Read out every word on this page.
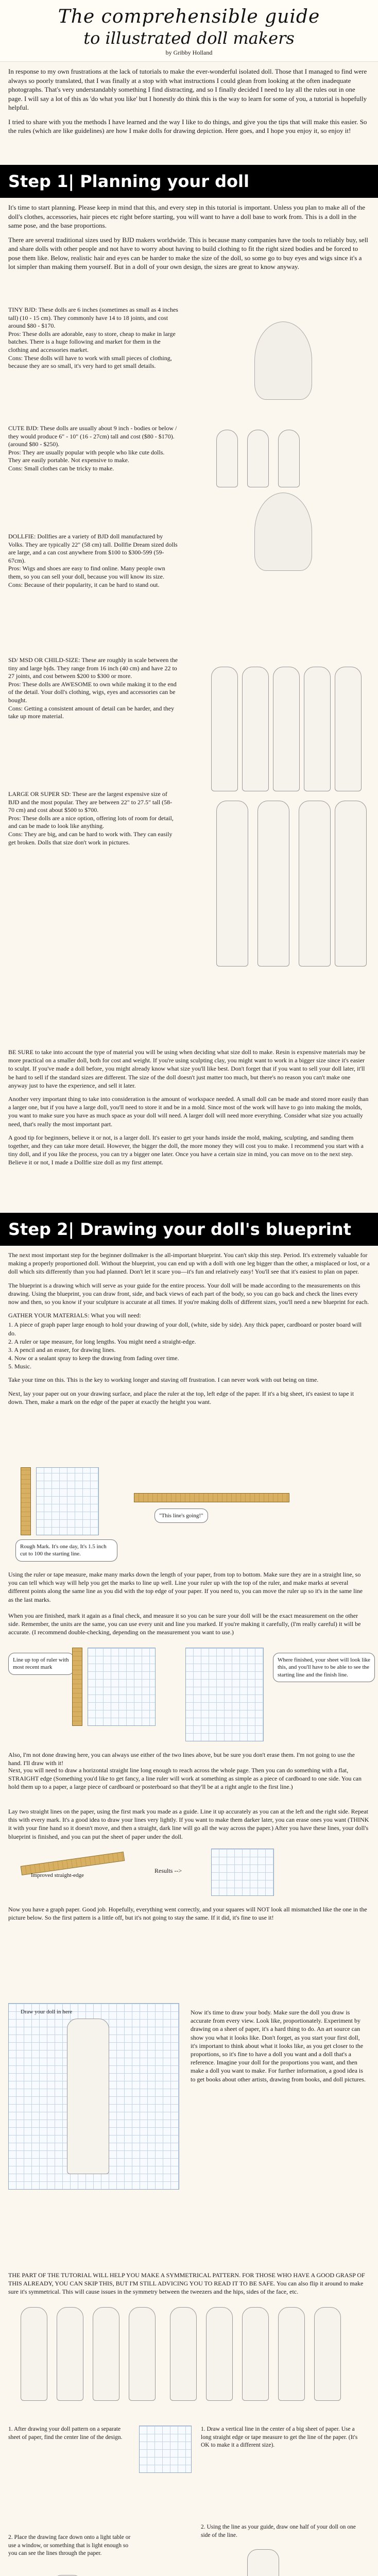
The comprehensible guide
to illustrated doll makers
by Gribby Holland

In response to my own frustrations at the lack of tutorials to make the ever-wonderful isolated doll. Those that I managed to find were always so poorly translated, that I was finally at a stop with what instructions I could glean from looking at the often inadequate photographs. That's very understandably something I find distracting, and so I finally decided I need to lay all the rules out in one page. I will say a lot of this as 'do what you like' but I honestly do think this is the way to learn for some of you, a tutorial is hopefully helpful.

I tried to share with you the methods I have learned and the way I like to do things, and give you the tips that will make this easier. So the rules (which are like guidelines) are how I make dolls for drawing depiction. Here goes, and I hope you enjoy it, so enjoy it!

Step 1| Planning your doll

It's time to start planning. Please keep in mind that this, and every step in this tutorial is important. Unless you plan to make all of the doll's clothes, accessories, hair pieces etc right before starting, you will want to have a doll base to work from. This is a doll in the same pose, and the base proportions.

There are several traditional sizes used by BJD makers worldwide. This is because many companies have the tools to reliably buy, sell and share dolls with other people and not have to worry about having to build clothing to fit the right sized bodies and be forced to pose them like. Below, realistic hair and eyes can be harder to make the size of the doll, so some go to buy eyes and wigs since it's a lot simpler than making them yourself. But in a doll of your own design, the sizes are great to know anyway.

TINY BJD: These dolls are 6 inches (sometimes as small as 4 inches tall) (10 - 15 cm). They commonly have 14 to 18 joints, and cost around $80 - $170.
Pros: These dolls are adorable, easy to store, cheap to make in large batches. There is a huge following and market for them in the clothing and accessories market.
Cons: These dolls will have to work with small pieces of clothing, because they are so small, it's very hard to get small details.
CUTE BJD: These dolls are usually about 9 inch - bodies or below / they would produce 6" - 10" (16 - 27cm) tall and cost ($80 - $170). (around $80 - $250).
Pros: They are usually popular with people who like cute dolls. They are easily portable. Not expensive to make.
Cons: Small clothes can be tricky to make.
DOLLFIE: Dollfies are a variety of BJD doll manufactured by Volks. They are typically 22" (58 cm) tall. Dollfie Dream sized dolls are large, and a can cost anywhere from $100 to $300-599 (59-67cm).
Pros: Wigs and shoes are easy to find online. Many people own them, so you can sell your doll, because you will know its size.
Cons: Because of their popularity, it can be hard to stand out.
SD/ MSD OR CHILD-SIZE: These are roughly in scale between the tiny and large bjds. They range from 16 inch (40 cm) and have 22 to 27 joints, and cost between $200 to $300 or more.
Pros: These dolls are AWESOME to own while making it to the end of the detail. Your doll's clothing, wigs, eyes and accessories can be bought.
Cons: Getting a consistent amount of detail can be harder, and they take up more material.
LARGE OR SUPER SD: These are the largest expensive size of BJD and the most popular. They are between 22" to 27.5" tall (58-70 cm) and cost about $500 to $700.
Pros: These dolls are a nice option, offering lots of room for detail, and can be made to look like anything.
Cons: They are big, and can be hard to work with. They can easily get broken. Dolls that size don't work in pictures.

BE SURE to take into account the type of material you will be using when deciding what size doll to make. Resin is expensive materials may be more practical on a smaller doll, both for cost and weight. If you're using sculpting clay, you might want to work in a bigger size since it's easier to sculpt. If you've made a doll before, you might already know what size you'll like best. Don't forget that if you want to sell your doll later, it'll be hard to sell if the standard sizes are different. The size of the doll doesn't just matter too much, but there's no reason you can't make one anyway just to have the experience, and sell it later.

Another very important thing to take into consideration is the amount of workspace needed. A small doll can be made and stored more easily than a larger one, but if you have a large doll, you'll need to store it and be in a mold. Since most of the work will have to go into making the molds, you want to make sure you have as much space as your doll will need. A larger doll will need more everything. Consider what size you actually need, that's really the most important part.

A good tip for beginners, believe it or not, is a larger doll. It's easier to get your hands inside the mold, making, sculpting, and sanding them together, and they can take more detail. However, the bigger the doll, the more money they will cost you to make. I recommend you start with a tiny doll, and if you like the process, you can try a bigger one later. Once you have a certain size in mind, you can move on to the next step. Believe it or not, I made a Dollfie size doll as my first attempt.

Step 2| Drawing your doll's blueprint

The next most important step for the beginner dollmaker is the all-important blueprint. You can't skip this step. Period. It's extremely valuable for making a properly proportioned doll. Without the blueprint, you can end up with a doll with one leg bigger than the other, a misplaced or lost, or a doll which sits differently than you had planned. Don't let it scare you—it's fun and relatively easy! You'll see that it's easiest to plan on paper.

The blueprint is a drawing which will serve as your guide for the entire process. Your doll will be made according to the measurements on this drawing. Using the blueprint, you can draw front, side, and back views of each part of the body, so you can go back and check the lines every now and then, so you know if your sculpture is accurate at all times. If you're making dolls of different sizes, you'll need a new blueprint for each.

GATHER YOUR MATERIALS: What you will need:

1. A piece of graph paper large enough to hold your drawing of your doll, (white, side by side). Any thick paper, cardboard or poster board will do.
2. A ruler or tape measure, for long lengths. You might need a straight-edge.
3. A pencil and an eraser, for drawing lines.
4. Now or a sealant spray to keep the drawing from fading over time.
5. Music.

Take your time on this. This is the key to working longer and staving off frustration. I can never work with out being on time.

Next, lay your paper out on your drawing surface, and place the ruler at the top, left edge of the paper. If it's a big sheet, it's easiest to tape it down. Then, make a mark on the edge of the paper at exactly the height you want.

Rough Mark. It's one day, It's 1.5 inch cut to 100 the starting line.
"This line's going!"
Using the ruler or tape measure, make many marks down the length of your paper, from top to bottom. Make sure they are in a straight line, so you can tell which way will help you get the marks to line up well. Line your ruler up with the top of the ruler, and make marks at several different points along the same line as you did with the top edge of your paper. If you need to, you can move the ruler up so it's in the same line as the last marks.
When you are finished, mark it again as a final check, and measure it so you can be sure your doll will be the exact measurement on the other side. Remember, the units are the same, you can use every unit and line you marked. If you're making it carefully, (I'm really careful) it will be accurate. (I recommend double-checking, depending on the measurement you want to use.)
Line up top of ruler with most recent mark
Where finished, your sheet will look like this, and you'll have to be able to see the starting line and the finish line.
Also, I'm not done drawing here, you can always use either of the two lines above, but be sure you don't erase them. I'm not going to use the hand. I'll draw with it!
Next, you will need to draw a horizontal straight line long enough to reach across the whole page. Then you can do something with a flat, STRAIGHT edge (Something you'd like to get fancy, a line ruler will work at something as simple as a piece of cardboard to one side. You can hold them up to a paper, a large piece of cardboard or posterboard so that they'll be at a right angle to the first line.)

Lay two straight lines on the paper, using the first mark you made as a guide. Line it up accurately as you can at the left and the right side. Repeat this with every mark. It's a good idea to draw your lines very lightly. If you want to make them darker later, you can erase ones you want (THINK it with your fine hand so it doesn't move, and then a straight, dark line will go all the way across the paper.) After you have these lines, your doll's blueprint is finished, and you can put the sheet of paper under the doll.

Improved straight-edge
Results -->
Now you have a graph paper. Good job. Hopefully, everything went correctly, and your squares will NOT look all mismatched like the one in the picture below. So the first pattern is a little off, but it's not going to stay the same. If it did, it's fine to use it!
Draw your doll in here	Now it's time to draw your body. Make sure the doll you draw is accurate from every view. Look like, proportionately. Experiment by drawing on a sheet of paper, it's a hard thing to do. An art source can show you what it looks like. Don't forget, as you start your first doll, it's important to think about what it looks like, as you get closer to the proportions, so it's fine to have a doll you want and a doll that's a reference. Imagine your doll for the proportions you want, and then make a doll you want to make. For further information, a good idea is to get books about other artists, drawing from books, and doll pictures.

THE PART OF THE TUTORIAL WILL HELP YOU MAKE A SYMMETRICAL PATTERN. FOR THOSE WHO HAVE A GOOD GRASP OF THIS ALREADY, YOU CAN SKIP THIS, BUT I'M STILL ADVICING YOU TO READ IT TO BE SAFE. You can also flip it around to make sure it's symmetrical. This will cause issues in the symmetry between the tweezers and the hips, sides of the face, etc.

1. After drawing your doll pattern on a separate sheet of paper, find the center line of the design.
1. Draw a vertical line in the center of a big sheet of paper. Use a long straight edge or tape measure to get the line of the paper. (It's OK to make it a different size).
2. Place the drawing face down onto a light table or use a window, or something that is light enough so you can see the lines through the paper.
2. Using the line as your guide, draw one half of your doll on one side of the line.
